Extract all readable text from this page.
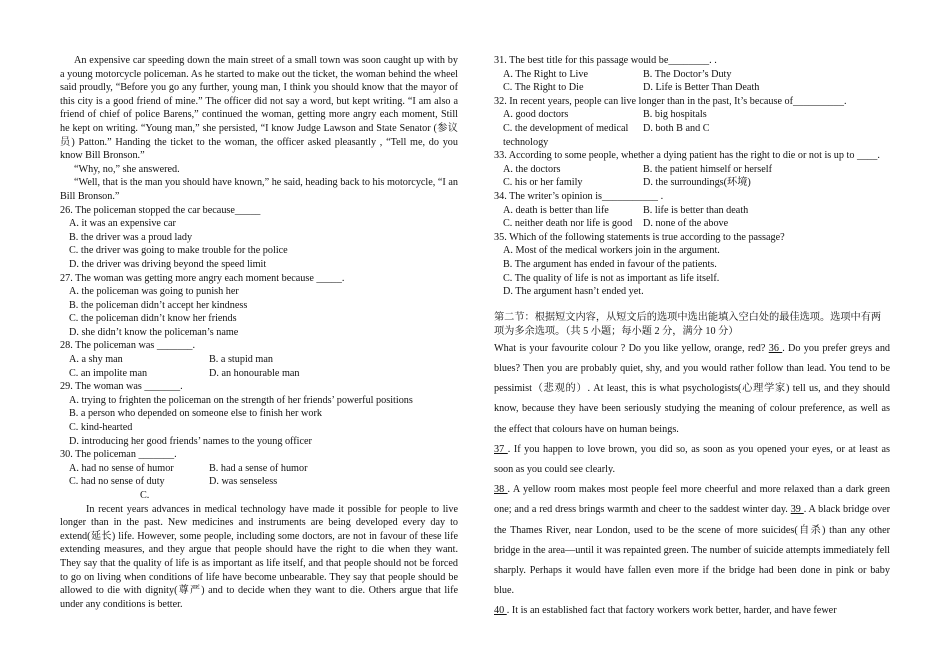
An expensive car speeding down the main street of a small town was soon caught up with by a young motorcycle policeman. As he started to make out the ticket, the woman behind the wheel said proudly, “Before you go any further, young man, I think you should know that the mayor of this city is a good friend of mine.” The officer did not say a word, but kept writing. “I am also a friend of chief of police Barens,” continued the woman, getting more angry each moment, Still he kept on writing. “Young man,” she persisted, “I know Judge Lawson and State Senator (参议员) Patton.” Handing the ticket to the woman, the officer asked pleasantly , “Tell me, do you know Bill Bronson.”

“Why, no,” she answered.

“Well, that is the man you should have known,” he said, heading back to his motorcycle, “I an Bill Bronson.”

26. The policeman stopped the car because_____

A. it was an expensive car

B. the driver was a proud lady

C. the driver was going to make trouble for the police

D. the driver was driving beyond the speed limit

27. The woman was getting more angry each moment because _____.

A. the policeman was going to punish her

B. the policeman didn’t accept her kindness

C. the policeman didn’t know her friends

D. she didn’t know the policeman’s name

28. The policeman was _______.

A. a shy man	B. a stupid man
C. an impolite man	D. an honourable man

29. The woman was _______.

A. trying to frighten the policeman on the strength of her friends’ powerful positions

B. a person who depended on someone else to finish her work

C. kind-hearted

D. introducing her good friends’ names to the young officer

30. The policeman _______.

A. had no sense of humor	B. had a sense of humor
C. had no sense of duty	D. was senseless

C.

In recent years advances in medical technology have made it possible for people to live longer than in the past. New medicines and instruments are being developed every day to extend(延长) life. However, some people, including some doctors, are not in favour of these life extending measures, and they argue that people should have the right to die when they want. They say that the quality of life is as important as life itself, and that people should not be forced to go on living when conditions of life have become unbearable. They say that people should be allowed to die with dignity(尊严) and to decide when they want to die. Others argue that life under any conditions is better.

31. The best title for this passage would be________. .

A. The Right to Live	B. The Doctor’s Duty
C. The Right to Die	D. Life is Better Than Death

32. In recent years, people can live longer than in the past, It’s because of__________.

A. good doctors	B. big hospitals
C. the development of medical technology
D. both B and C

33. According to some people, whether a dying patient has the right to die or not is up to ____.

A. the doctors	B. the patient himself or herself
C. his or her family	D. the surroundings(环境)

34. The writer’s opinion is___________ .

A. death is better than life	B. life is better than death
C. neither death nor life is good	D. none of the above

35. Which of the following statements is true according to the passage?

A. Most of the medical workers join in the argument.

B. The argument has ended in favour of the patients.

C. The quality of life is not as important as life itself.

D. The argument hasn’t ended yet.

第二节：根据短文内容，从短文后的选项中选出能填入空白处的最佳选项。选项中有两项为多余选项。（共 5 小题；每小题 2 分，满分 10 分）

What is your favourite colour ? Do you like yellow, orange, red? 36 . Do you prefer greys and blues? Then you are probably quiet, shy, and you would rather follow than lead. You tend to be pessimist（悲观的）. At least, this is what psychologists(心理学家) tell us, and they should know, because they have been seriously studying the meaning of colour preference, as well as the effect that colours have on human beings.

37 . If you happen to love brown, you did so, as soon as you opened your eyes, or at least as soon as you could see clearly.

38 . A yellow room makes most people feel more cheerful and more relaxed than a dark green one; and a red dress brings warmth and cheer to the saddest winter day. 39 . A black bridge over the Thames River, near London, used to be the scene of more suicides(自杀) than any other bridge in the area—until it was repainted green. The number of suicide attempts immediately fell sharply. Perhaps it would have fallen even more if the bridge had been done in pink or baby blue.

40 . It is an established fact that factory workers work better, harder, and have fewer
